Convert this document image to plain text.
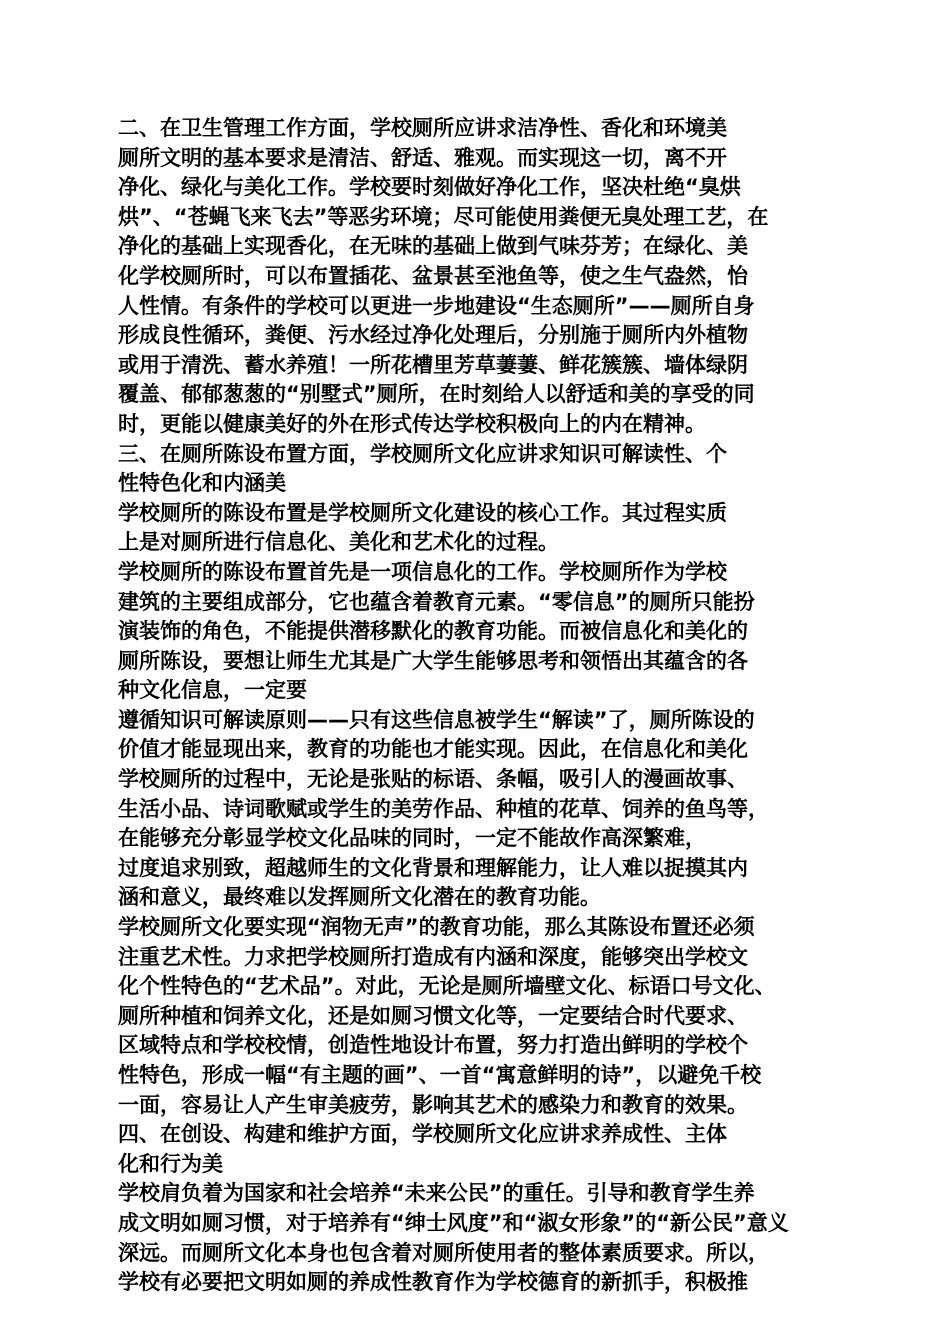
二、在卫生管理工作方面，学校厕所应讲求洁净性、香化和环境美
厕所文明的基本要求是清洁、舒适、雅观。而实现这一切，离不开
净化、绿化与美化工作。学校要时刻做好净化工作，坚决杜绝“臭烘
烘”、“苍蝇飞来飞去”等恶劣环境；尽可能使用粪便无臭处理工艺，在
净化的基础上实现香化，在无味的基础上做到气味芬芳；在绿化、美
化学校厕所时，可以布置插花、盆景甚至池鱼等，使之生气盎然，怡
人性情。有条件的学校可以更进一步地建设“生态厕所”——厕所自身
形成良性循环，粪便、污水经过净化处理后，分别施于厕所内外植物
或用于清洗、蓄水养殖！一所花槽里芳草萋萋、鲜花簇簇、墙体绿阴
覆盖、郁郁葱葱的“别墅式”厕所，在时刻给人以舒适和美的享受的同
时，更能以健康美好的外在形式传达学校积极向上的内在精神。
三、在厕所陈设布置方面，学校厕所文化应讲求知识可解读性、个
性特色化和内涵美
学校厕所的陈设布置是学校厕所文化建设的核心工作。其过程实质
上是对厕所进行信息化、美化和艺术化的过程。
学校厕所的陈设布置首先是一项信息化的工作。学校厕所作为学校
建筑的主要组成部分，它也蕴含着教育元素。“零信息”的厕所只能扮
演装饰的角色，不能提供潜移默化的教育功能。而被信息化和美化的
厕所陈设，要想让师生尤其是广大学生能够思考和领悟出其蕴含的各
种文化信息，一定要
遵循知识可解读原则——只有这些信息被学生“解读”了，厕所陈设的
价值才能显现出来，教育的功能也才能实现。因此，在信息化和美化
学校厕所的过程中，无论是张贴的标语、条幅，吸引人的漫画故事、
生活小品、诗词歌赋或学生的美劳作品、种植的花草、饲养的鱼鸟等，
在能够充分彰显学校文化品味的同时，一定不能故作高深繁难，
过度追求别致，超越师生的文化背景和理解能力，让人难以捉摸其内
涵和意义，最终难以发挥厕所文化潜在的教育功能。
学校厕所文化要实现“润物无声”的教育功能，那么其陈设布置还必须
注重艺术性。力求把学校厕所打造成有内涵和深度，能够突出学校文
化个性特色的“艺术品”。对此，无论是厕所墙壁文化、标语口号文化、
厕所种植和饲养文化，还是如厕习惯文化等，一定要结合时代要求、
区域特点和学校校情，创造性地设计布置，努力打造出鲜明的学校个
性特色，形成一幅“有主题的画”、一首“寓意鲜明的诗”，以避免千校
一面，容易让人产生审美疲劳，影响其艺术的感染力和教育的效果。
四、在创设、构建和维护方面，学校厕所文化应讲求养成性、主体
化和行为美
学校肩负着为国家和社会培养“未来公民”的重任。引导和教育学生养
成文明如厕习惯，对于培养有“绅士风度”和“淑女形象”的“新公民”意义
深远。而厕所文化本身也包含着对厕所使用者的整体素质要求。所以，
学校有必要把文明如厕的养成性教育作为学校德育的新抓手，积极推
